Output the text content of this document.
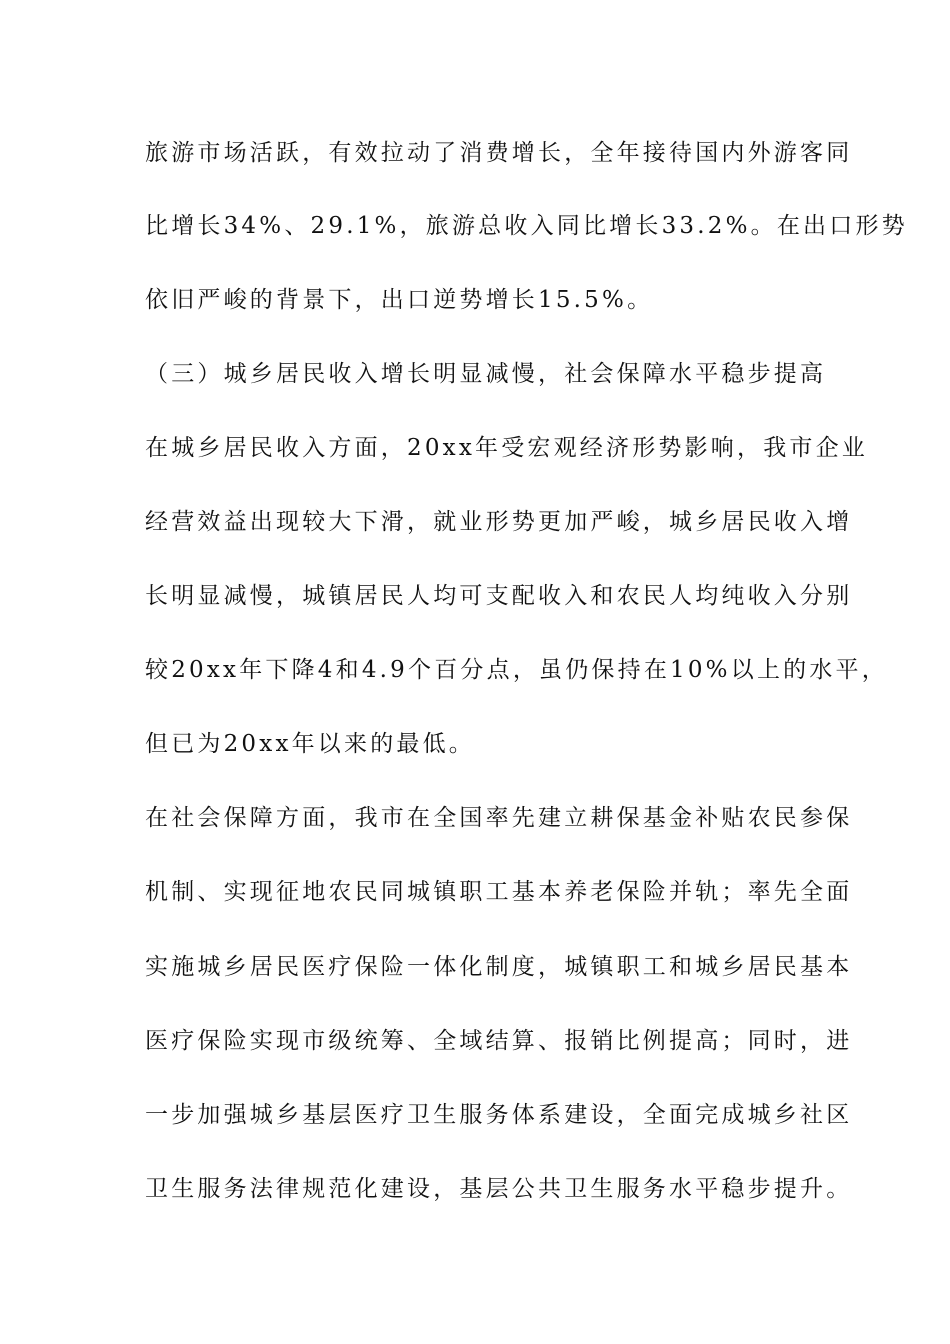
旅游市场活跃，有效拉动了消费增长，全年接待国内外游客同
比增长34%、29.1%，旅游总收入同比增长33.2%。在出口形势
依旧严峻的背景下，出口逆势增长15.5%。
（三）城乡居民收入增长明显减慢，社会保障水平稳步提高
在城乡居民收入方面，20xx年受宏观经济形势影响，我市企业
经营效益出现较大下滑，就业形势更加严峻，城乡居民收入增
长明显减慢，城镇居民人均可支配收入和农民人均纯收入分别
较20xx年下降4和4.9个百分点，虽仍保持在10%以上的水平，
但已为20xx年以来的最低。
在社会保障方面，我市在全国率先建立耕保基金补贴农民参保
机制、实现征地农民同城镇职工基本养老保险并轨；率先全面
实施城乡居民医疗保险一体化制度，城镇职工和城乡居民基本
医疗保险实现市级统筹、全域结算、报销比例提高；同时，进
一步加强城乡基层医疗卫生服务体系建设，全面完成城乡社区
卫生服务法律规范化建设，基层公共卫生服务水平稳步提升。
